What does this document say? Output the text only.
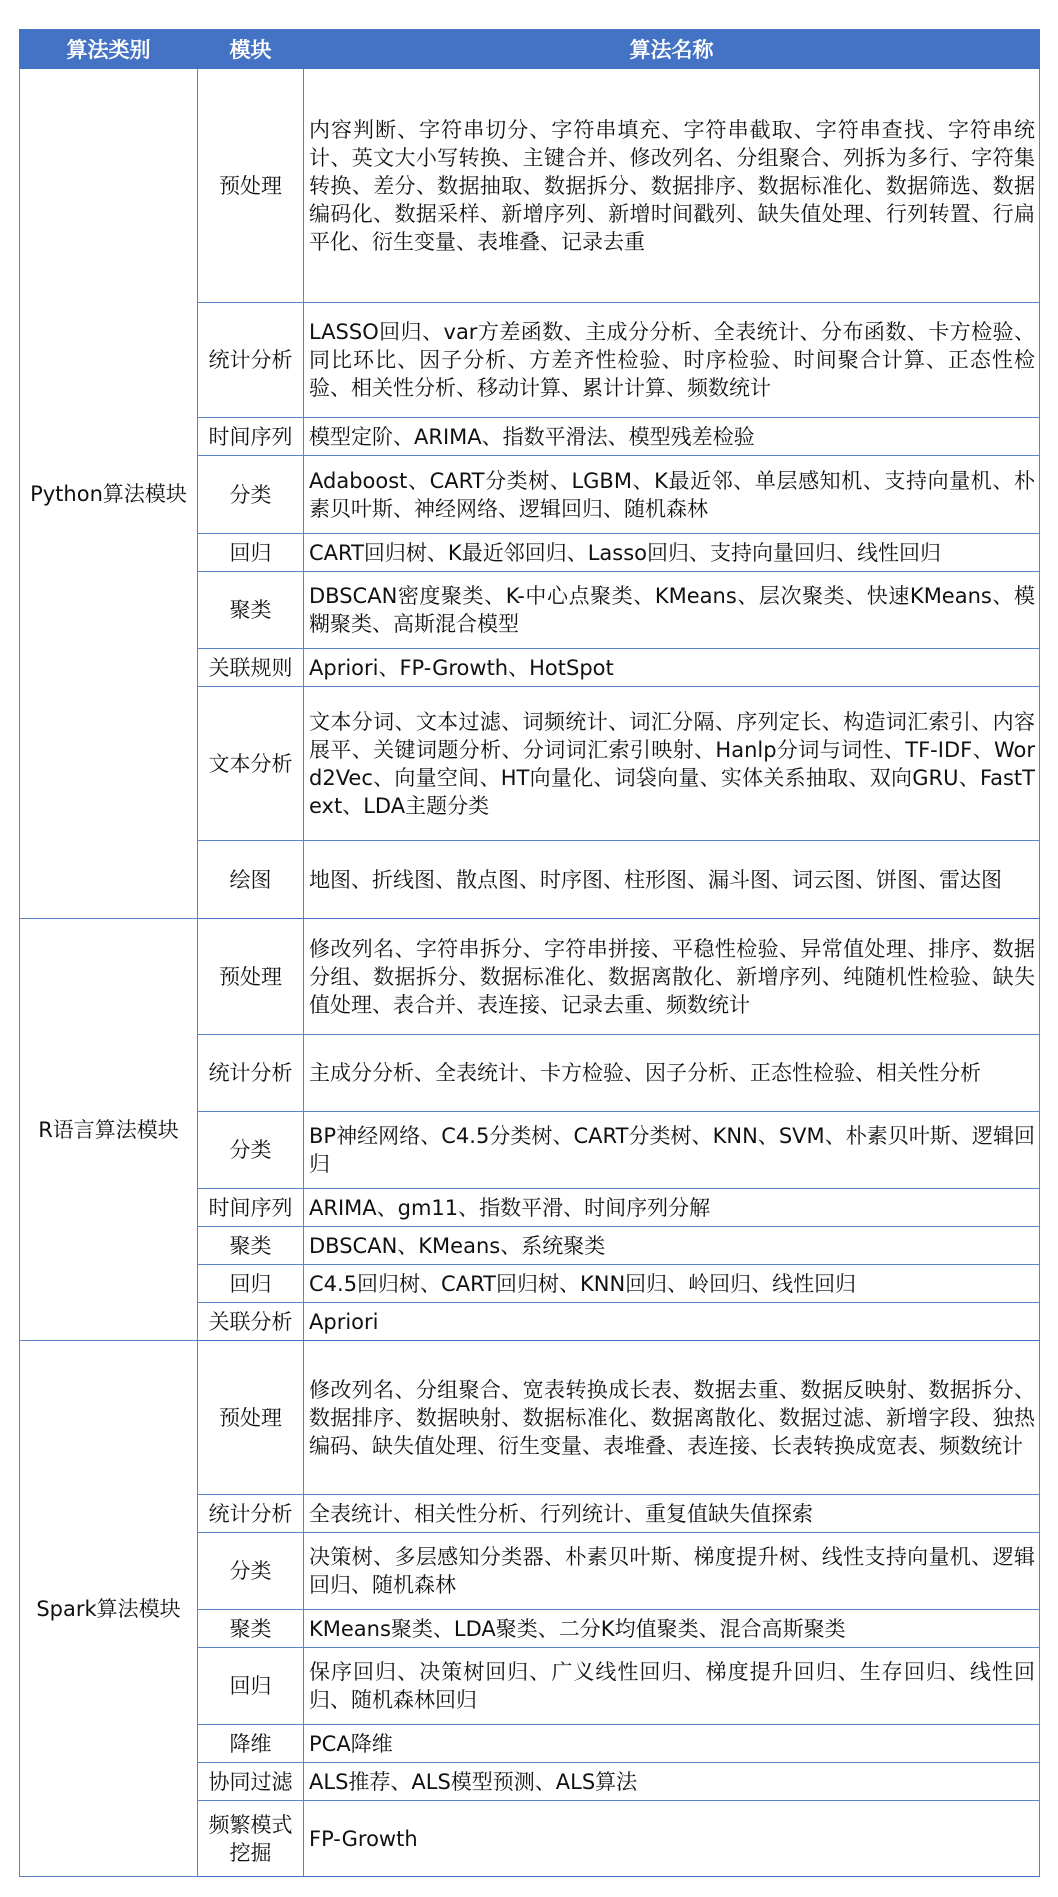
算法类别	模块	算法名称
Python算法模块	预处理	内容判断、字符串切分、字符串填充、字符串截取、字符串查找、字符串统计、英文大小写转换、主键合并、修改列名、分组聚合、列拆为多行、字符集转换、差分、数据抽取、数据拆分、数据排序、数据标准化、数据筛选、数据编码化、数据采样、新增序列、新增时间戳列、缺失值处理、行列转置、行扁平化、衍生变量、表堆叠、记录去重
	统计分析	LASSO回归、var方差函数、主成分分析、全表统计、分布函数、卡方检验、同比环比、因子分析、方差齐性检验、时序检验、时间聚合计算、正态性检验、相关性分析、移动计算、累计计算、频数统计
	时间序列	模型定阶、ARIMA、指数平滑法、模型残差检验
	分类	Adaboost、CART分类树、LGBM、K最近邻、单层感知机、支持向量机、朴素贝叶斯、神经网络、逻辑回归、随机森林
	回归	CART回归树、K最近邻回归、Lasso回归、支持向量回归、线性回归
	聚类	DBSCAN密度聚类、K-中心点聚类、KMeans、层次聚类、快速KMeans、模糊聚类、高斯混合模型
	关联规则	Apriori、FP-Growth、HotSpot
	文本分析	文本分词、文本过滤、词频统计、词汇分隔、序列定长、构造词汇索引、内容展平、关键词题分析、分词词汇索引映射、Hanlp分词与词性、TF-IDF、Word2Vec、向量空间、HT向量化、词袋向量、实体关系抽取、双向GRU、FastText、LDA主题分类
	绘图	地图、折线图、散点图、时序图、柱形图、漏斗图、词云图、饼图、雷达图
R语言算法模块	预处理	修改列名、字符串拆分、字符串拼接、平稳性检验、异常值处理、排序、数据分组、数据拆分、数据标准化、数据离散化、新增序列、纯随机性检验、缺失值处理、表合并、表连接、记录去重、频数统计
	统计分析	主成分分析、全表统计、卡方检验、因子分析、正态性检验、相关性分析
	分类	BP神经网络、C4.5分类树、CART分类树、KNN、SVM、朴素贝叶斯、逻辑回归
	时间序列	ARIMA、gm11、指数平滑、时间序列分解
	聚类	DBSCAN、KMeans、系统聚类
	回归	C4.5回归树、CART回归树、KNN回归、岭回归、线性回归
	关联分析	Apriori
Spark算法模块	预处理	修改列名、分组聚合、宽表转换成长表、数据去重、数据反映射、数据拆分、数据排序、数据映射、数据标准化、数据离散化、数据过滤、新增字段、独热编码、缺失值处理、衍生变量、表堆叠、表连接、长表转换成宽表、频数统计
	统计分析	全表统计、相关性分析、行列统计、重复值缺失值探索
	分类	决策树、多层感知分类器、朴素贝叶斯、梯度提升树、线性支持向量机、逻辑回归、随机森林
	聚类	KMeans聚类、LDA聚类、二分K均值聚类、混合高斯聚类
	回归	保序回归、决策树回归、广义线性回归、梯度提升回归、生存回归、线性回归、随机森林回归
	降维	PCA降维
	协同过滤	ALS推荐、ALS模型预测、ALS算法
	频繁模式挖掘	FP-Growth
